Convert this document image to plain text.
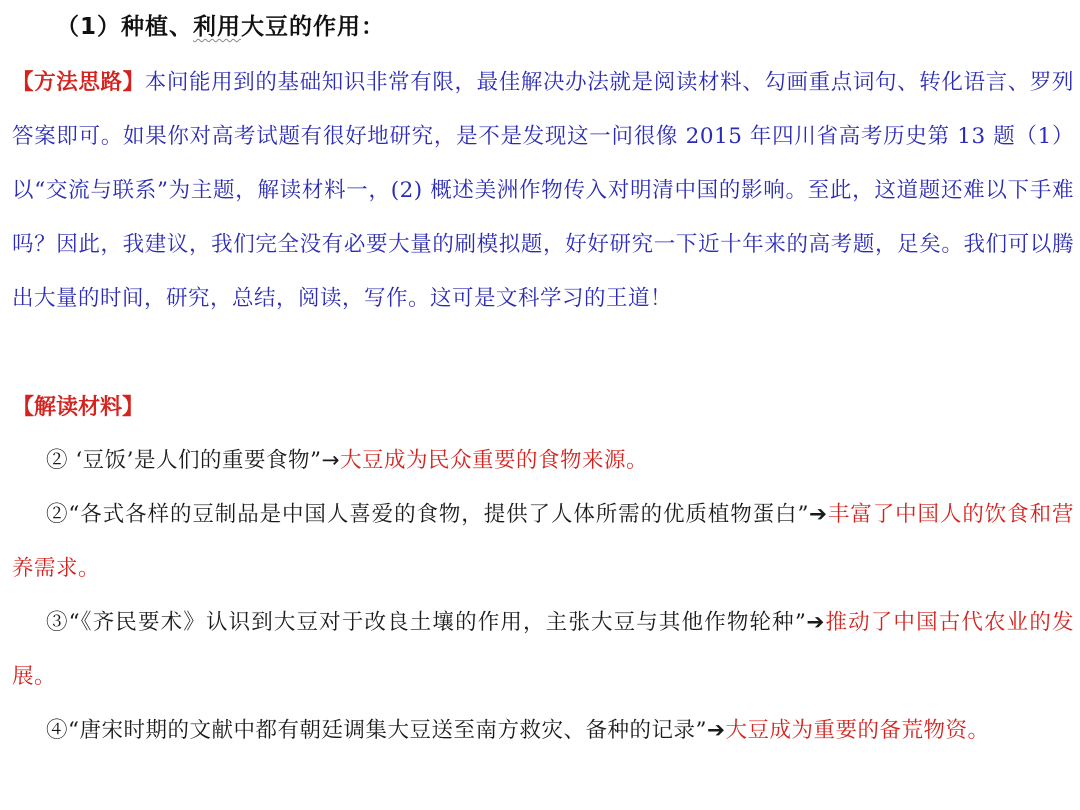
（1）种植、利用大豆的作用：
【方法思路】本问能用到的基础知识非常有限，最佳解决办法就是阅读材料、勾画重点词句、转化语言、罗列答案即可。如果你对高考试题有很好地研究，是不是发现这一问很像 2015 年四川省高考历史第 13 题（1）以“交流与联系”为主题，解读材料一，(2) 概述美洲作物传入对明清中国的影响。至此，这道题还难以下手难吗？因此，我建议，我们完全没有必要大量的刷模拟题，好好研究一下近十年来的高考题，足矣。我们可以腾出大量的时间，研究，总结，阅读，写作。这可是文科学习的王道！
【解读材料】

② ‘豆饭’是人们的重要食物”→大豆成为民众重要的食物来源。

②“各式各样的豆制品是中国人喜爱的食物，提供了人体所需的优质植物蛋白”➔丰富了中国人的饮食和营养需求。

③“《齐民要术》认识到大豆对于改良土壤的作用，主张大豆与其他作物轮种”➔推动了中国古代农业的发展。

④“唐宋时期的文献中都有朝廷调集大豆送至南方救灾、备种的记录”➔大豆成为重要的备荒物资。
